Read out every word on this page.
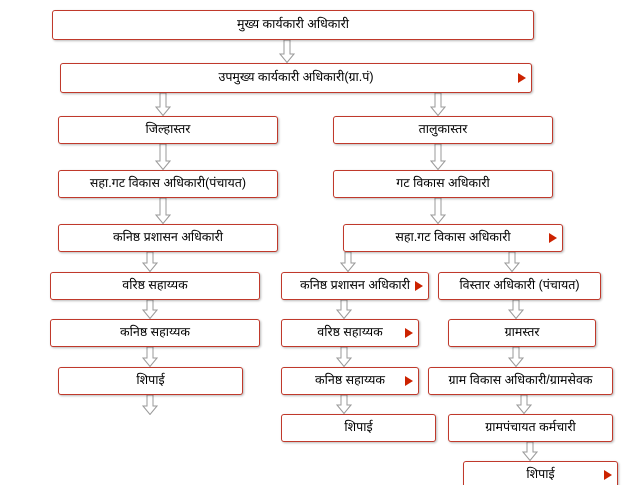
मुख्य कार्यकारी अधिकारी
उपमुख्य कार्यकारी अधिकारी(ग्रा.पं)
जिल्हास्तर	तालुकास्तर
सहा.गट विकास अधिकारी(पंचायत)	गट विकास अधिकारी
कनिष्ठ प्रशासन अधिकारी	सहा.गट विकास अधिकारी
वरिष्ठ सहाय्यक	कनिष्ठ प्रशासन अधिकारी	विस्तार अधिकारी (पंचायत)
कनिष्ठ सहाय्यक	वरिष्ठ सहाय्यक	ग्रामस्तर
शिपाई	कनिष्ठ सहाय्यक	ग्राम विकास अधिकारी/ग्रामसेवक
शिपाई	ग्रामपंचायत कर्मचारी
शिपाई
